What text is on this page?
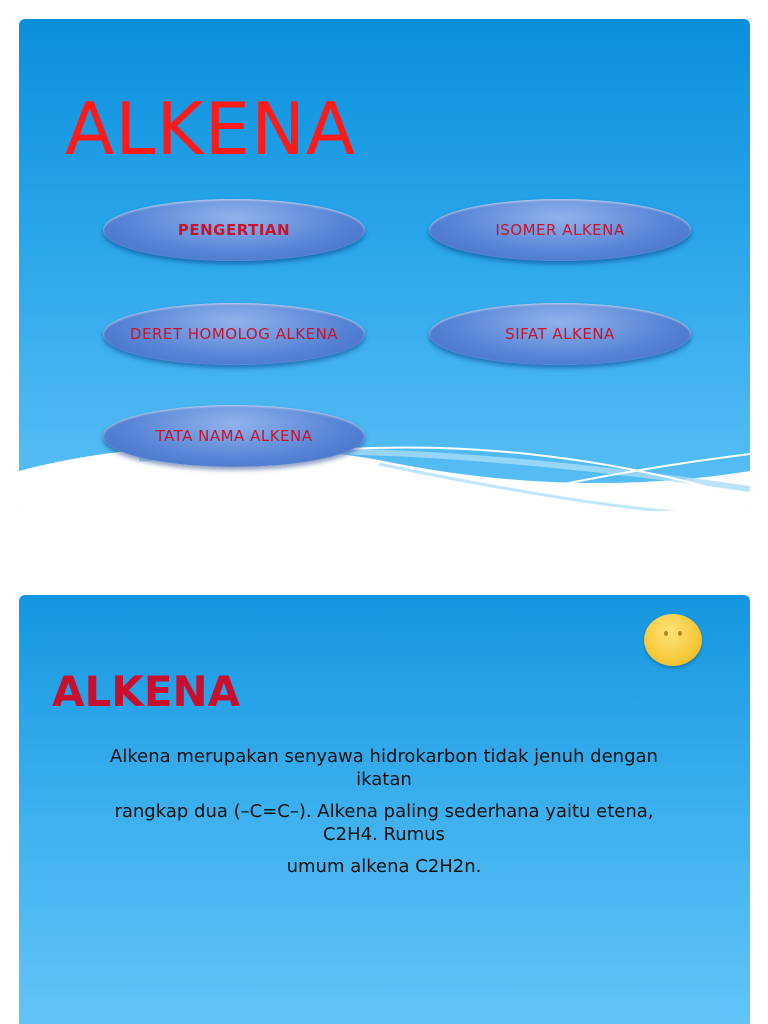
ALKENA
PENGERTIAN	ISOMER ALKENA
DERET HOMOLOG ALKENA	SIFAT ALKENA
TATA NAMA ALKENA
ALKENA

Alkena merupakan senyawa hidrokarbon tidak jenuh dengan ikatan

rangkap dua (–C=C–). Alkena paling sederhana yaitu etena, C2H4. Rumus

umum alkena C2H2n.
